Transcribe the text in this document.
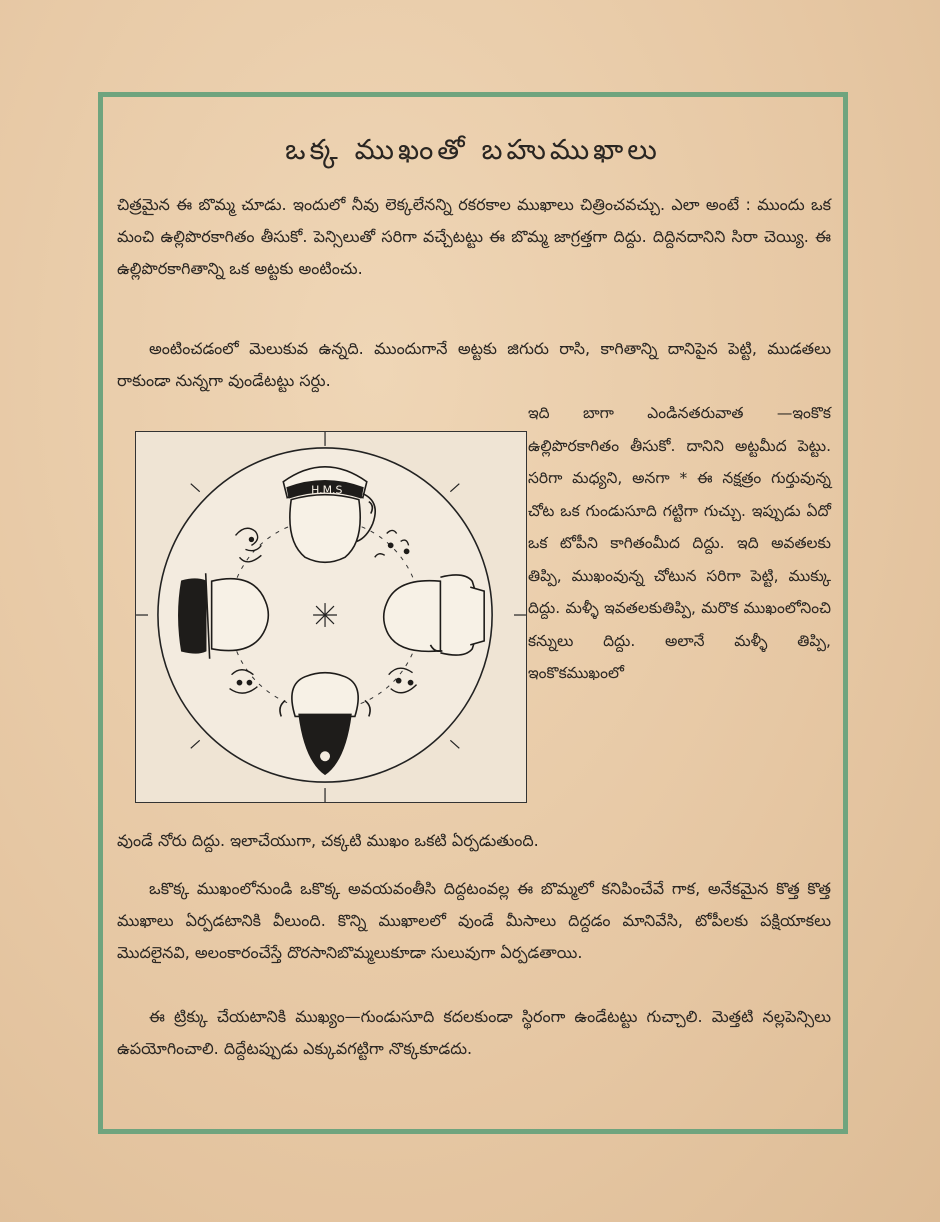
ఒక్క ముఖంతో బహుముఖాలు

చిత్రమైన ఈ బొమ్మ చూడు. ఇందులో నీవు లెక్కలేనన్ని రకరకాల ముఖాలు చిత్రించవచ్చు. ఎలా అంటే : ముందు ఒక మంచి ఉల్లిపొరకాగితం తీసుకో. పెన్సిలుతో సరిగా వచ్చేటట్టు ఈ బొమ్మ జాగ్రత్తగా దిద్దు. దిద్దినదానిని సిరా చెయ్యి. ఈ ఉల్లిపొరకాగితాన్ని ఒక అట్టకు అంటించు.

అంటించడంలో మెలుకువ ఉన్నది. ముందుగానే అట్టకు జిగురు రాసి, కాగితాన్ని దానిపైన పెట్టి, ముడతలు రాకుండా నున్నగా వుండేటట్టు సర్దు.

H.M.S

ఇది బాగా ఎండినతరువాత —ఇంకొక ఉల్లిపొరకాగితం తీసుకో. దానిని అట్టమీద పెట్టు. సరిగా మధ్యని, అనగా * ఈ నక్షత్రం గుర్తువున్న చోట ఒక గుండుసూది గట్టిగా గుచ్చు. ఇప్పుడు ఏదో ఒక టోపీని కాగితంమీద దిద్దు. ఇది అవతలకు తిప్పి, ముఖంవున్న చోటున సరిగా పెట్టి, ముక్కు దిద్దు. మళ్ళీ ఇవతలకుతిప్పి, మరొక ముఖంలోనించి కన్నులు దిద్దు. అలానే మళ్ళీ తిప్పి, ఇంకొకముఖంలో

వుండే నోరు దిద్దు. ఇలాచేయుగా, చక్కటి ముఖం ఒకటి ఏర్పడుతుంది.

ఒకొక్క ముఖంలోనుండి ఒకొక్క అవయవంతీసి దిద్దటంవల్ల ఈ బొమ్మలో కనిపించేవే గాక, అనేకమైన కొత్త కొత్త ముఖాలు ఏర్పడటానికి వీలుంది. కొన్ని ముఖాలలో వుండే మీసాలు దిద్దడం మానివేసి, టోపీలకు పక్షియాకలు మొదలైనవి, అలంకారంచేస్తే దొరసానిబొమ్మలుకూడా సులువుగా ఏర్పడతాయి.

ఈ ట్రిక్కు చేయటానికి ముఖ్యం—గుండుసూది కదలకుండా స్థిరంగా ఉండేటట్టు గుచ్చాలి. మెత్తటి నల్లపెన్సిలు ఉపయోగించాలి. దిద్దేటప్పుడు ఎక్కువగట్టిగా నొక్కకూడదు.
